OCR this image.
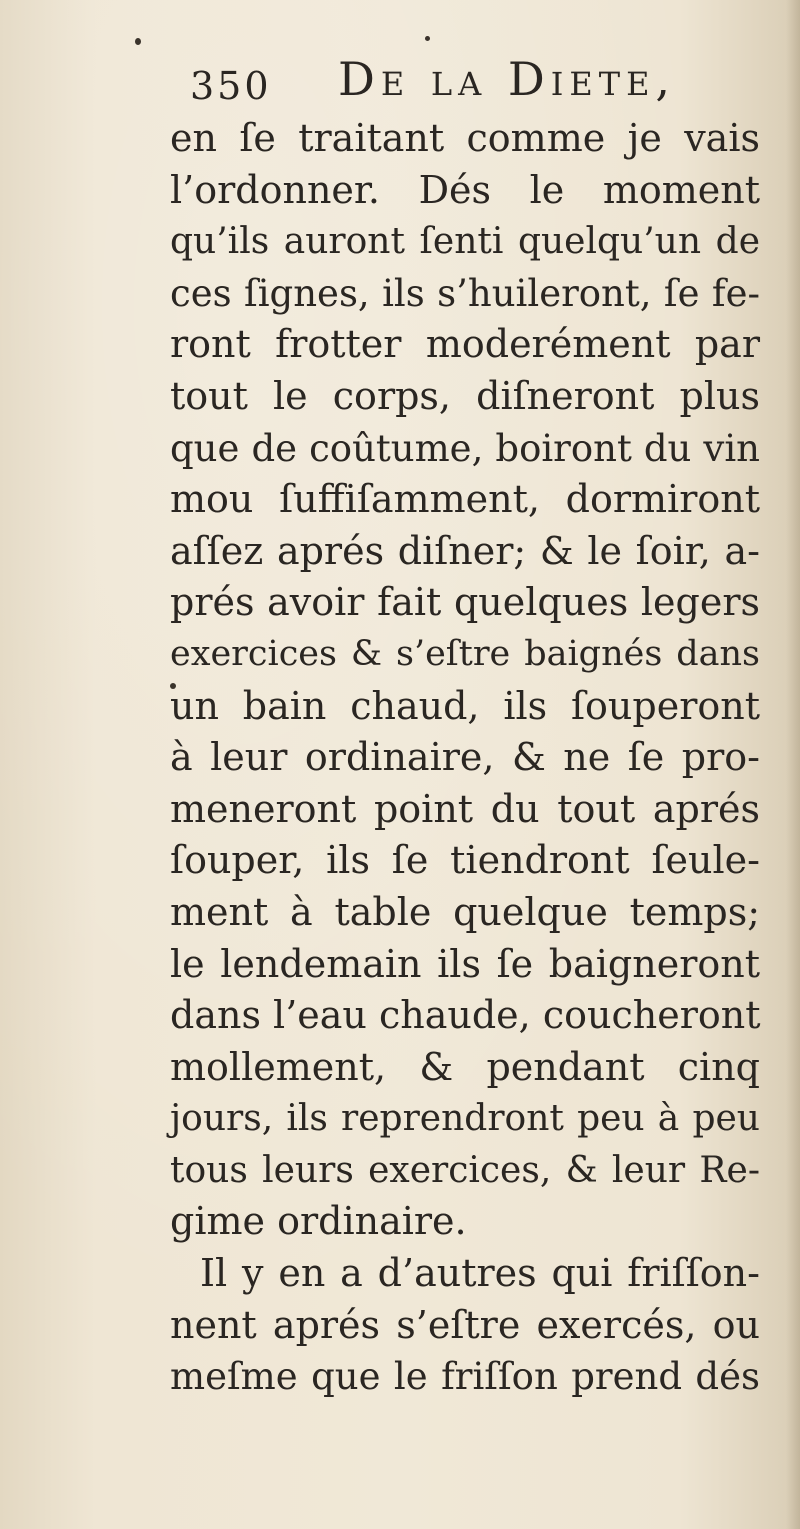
350 De la Diete,
en ſe traitant comme je vais
l’ordonner. Dés le moment
qu’ils auront ſenti quelqu’un de
ces ſignes, ils s’huileront, ſe fe-
ront frotter moderément par
tout le corps, diſneront plus
que de coûtume, boiront du vin
mou ſuffiſamment, dormiront
aſſez aprés diſner; & le ſoir, a-
prés avoir fait quelques legers
exercices & s’eſtre baignés dans
un bain chaud, ils ſouperont
à leur ordinaire, & ne ſe pro-
meneront point du tout aprés
ſouper, ils ſe tiendront ſeule-
ment à table quelque temps;
le lendemain ils ſe baigneront
dans l’eau chaude, coucheront
mollement, & pendant cinq
jours, ils reprendront peu à peu
tous leurs exercices, & leur Re-
gime ordinaire.
Il y en a d’autres qui friſſon-
nent aprés s’eſtre exercés, ou
meſme que le friſſon prend dés
